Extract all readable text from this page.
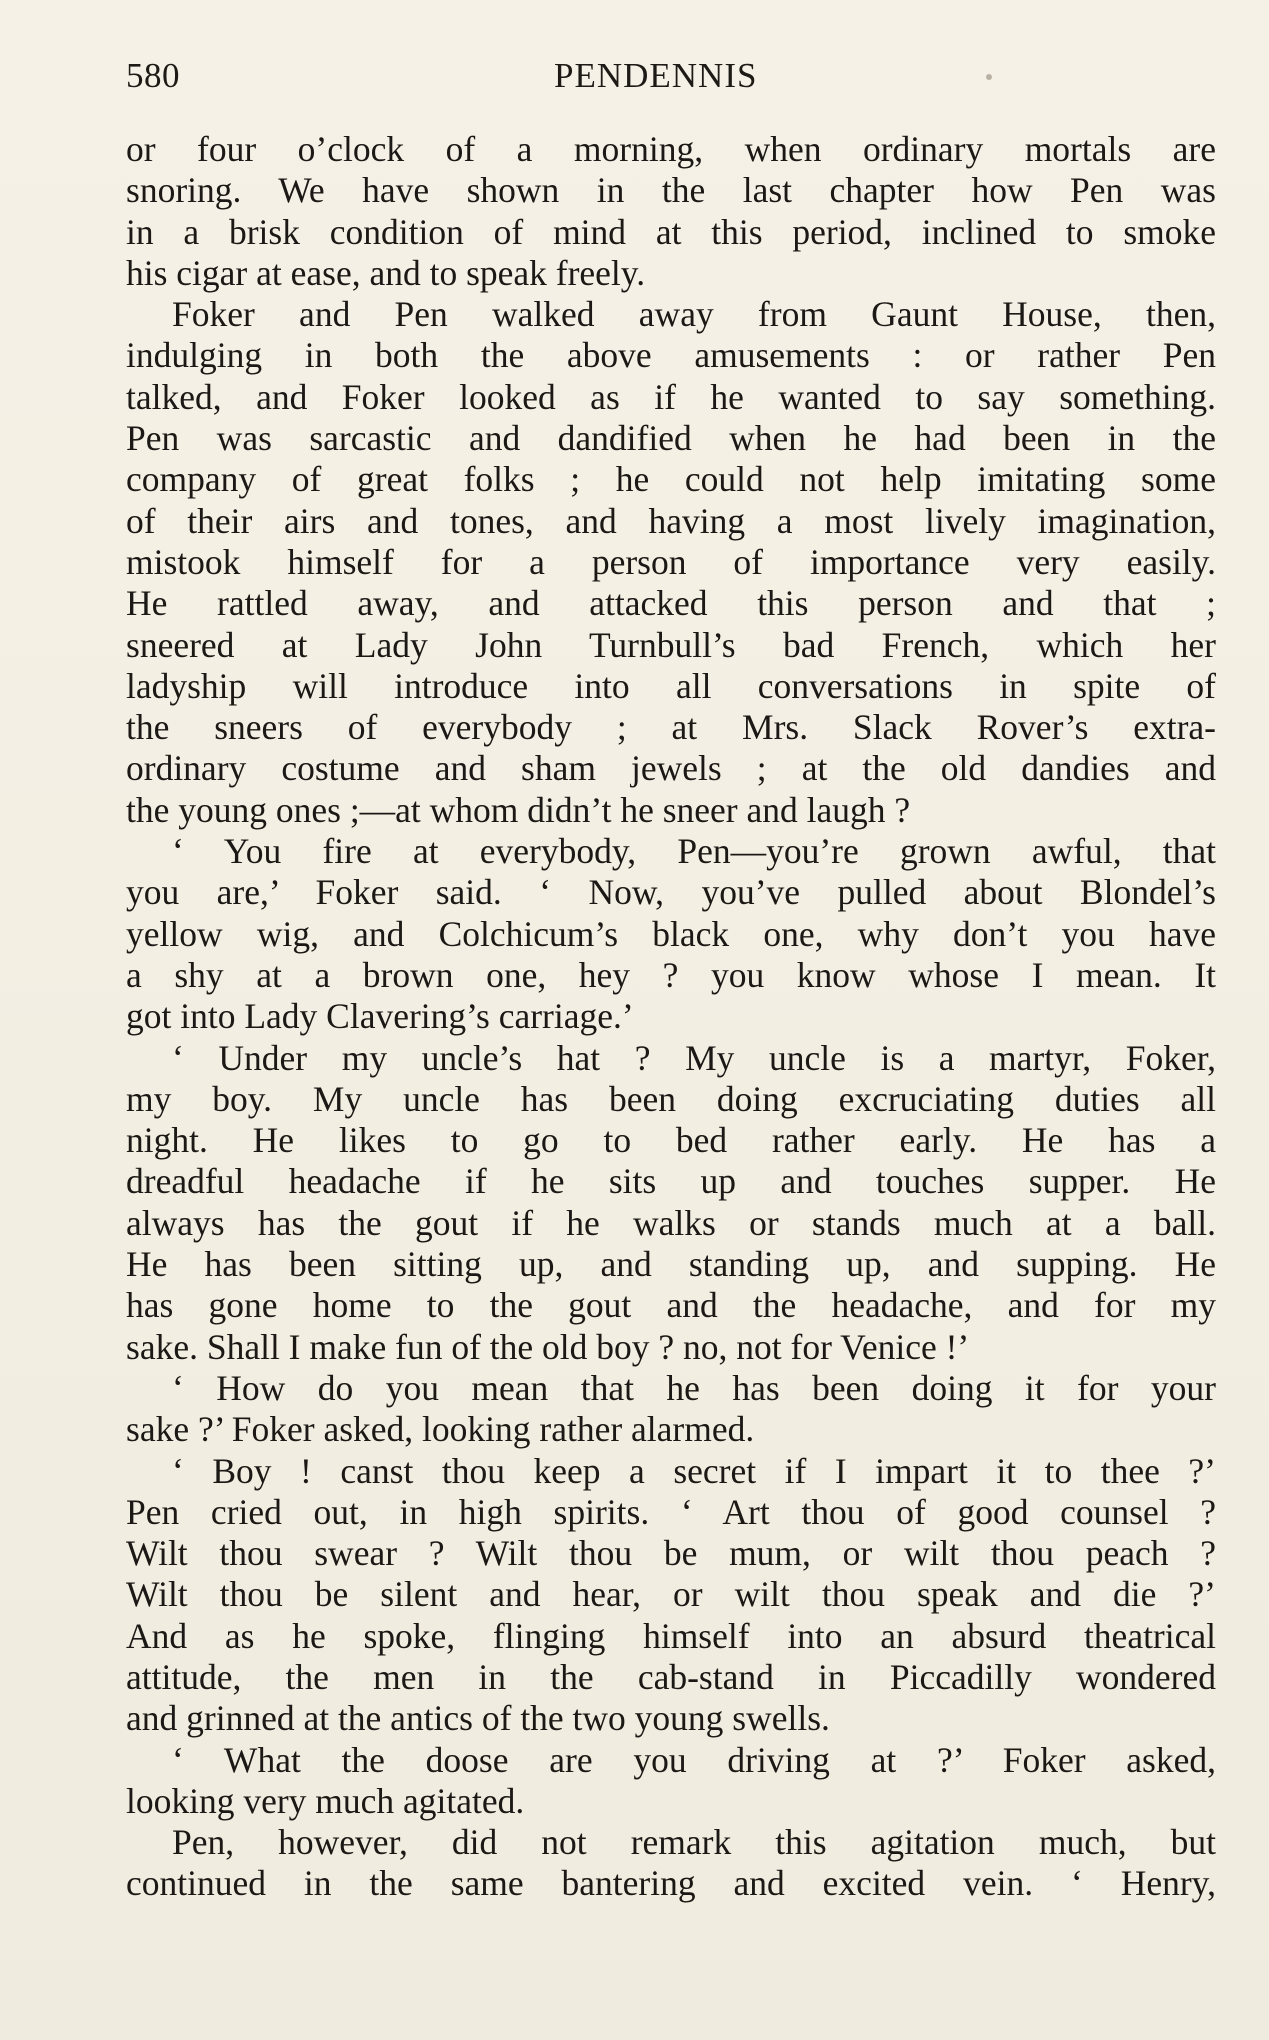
580	PENDENNIS
or four o’clock of a morning, when ordinary mortals are
snoring. We have shown in the last chapter how Pen was
in a brisk condition of mind at this period, inclined to smoke
his cigar at ease, and to speak freely.
Foker and Pen walked away from Gaunt House, then,
indulging in both the above amusements : or rather Pen
talked, and Foker looked as if he wanted to say something.
Pen was sarcastic and dandified when he had been in the
company of great folks ; he could not help imitating some
of their airs and tones, and having a most lively imagination,
mistook himself for a person of importance very easily.
He rattled away, and attacked this person and that ;
sneered at Lady John Turnbull’s bad French, which her
ladyship will introduce into all conversations in spite of
the sneers of everybody ; at Mrs. Slack Rover’s extra-
ordinary costume and sham jewels ; at the old dandies and
the young ones ;—at whom didn’t he sneer and laugh ?
‘ You fire at everybody, Pen—you’re grown awful, that
you are,’ Foker said. ‘ Now, you’ve pulled about Blondel’s
yellow wig, and Colchicum’s black one, why don’t you have
a shy at a brown one, hey ? you know whose I mean. It
got into Lady Clavering’s carriage.’
‘ Under my uncle’s hat ? My uncle is a martyr, Foker,
my boy. My uncle has been doing excruciating duties all
night. He likes to go to bed rather early. He has a
dreadful headache if he sits up and touches supper. He
always has the gout if he walks or stands much at a ball.
He has been sitting up, and standing up, and supping. He
has gone home to the gout and the headache, and for my
sake. Shall I make fun of the old boy ? no, not for Venice !’
‘ How do you mean that he has been doing it for your
sake ?’ Foker asked, looking rather alarmed.
‘ Boy ! canst thou keep a secret if I impart it to thee ?’
Pen cried out, in high spirits. ‘ Art thou of good counsel ?
Wilt thou swear ? Wilt thou be mum, or wilt thou peach ?
Wilt thou be silent and hear, or wilt thou speak and die ?’
And as he spoke, flinging himself into an absurd theatrical
attitude, the men in the cab-stand in Piccadilly wondered
and grinned at the antics of the two young swells.
‘ What the doose are you driving at ?’ Foker asked,
looking very much agitated.
Pen, however, did not remark this agitation much, but
continued in the same bantering and excited vein. ‘ Henry,
